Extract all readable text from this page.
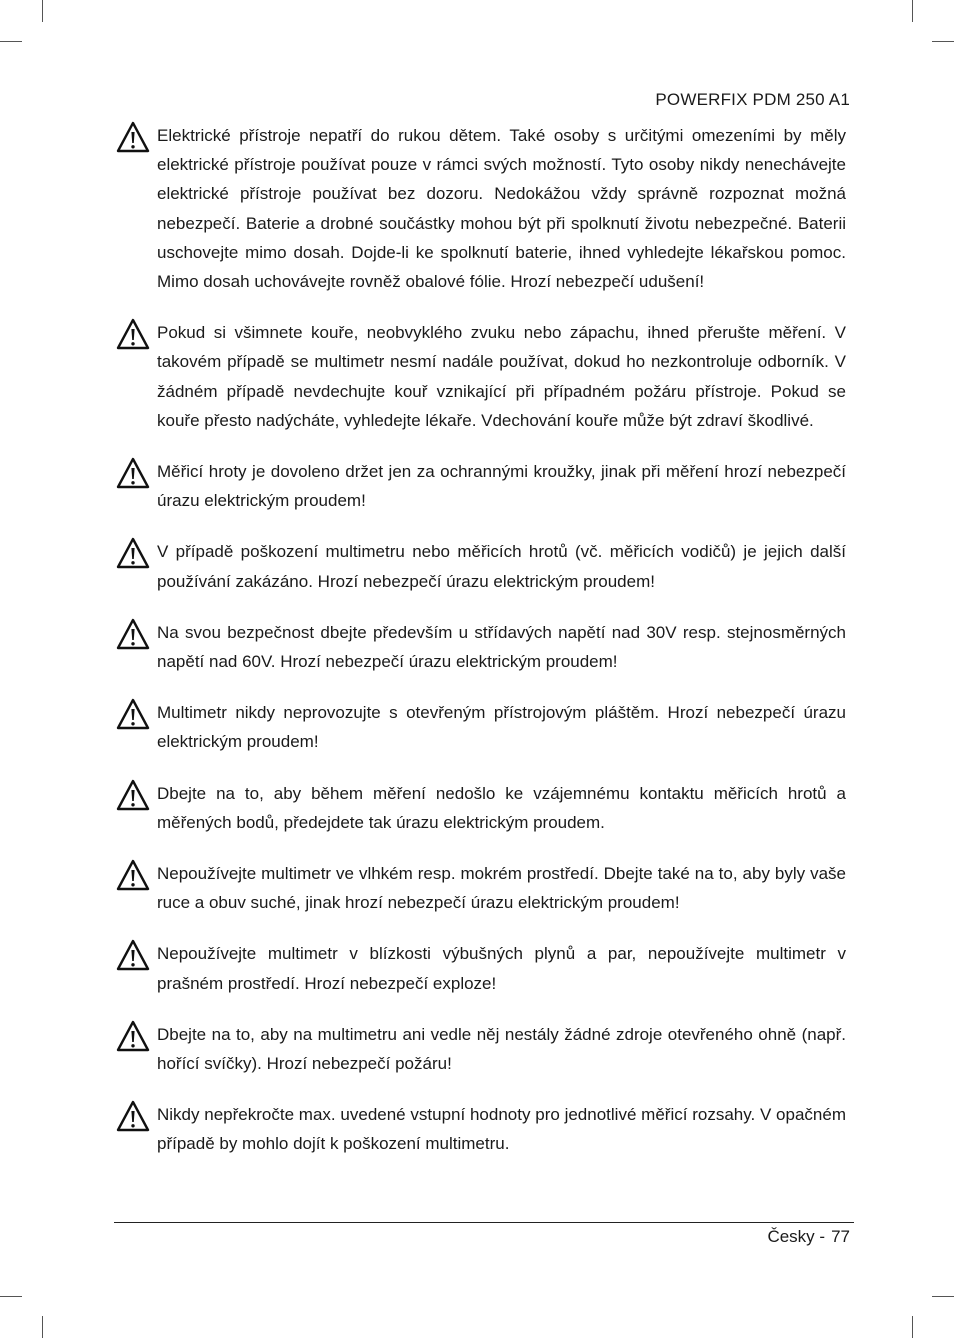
POWERFIX PDM 250 A1

Elektrické přístroje nepatří do rukou dětem. Také osoby s určitými omezeními by měly elektrické přístroje používat pouze v rámci svých možností. Tyto osoby nikdy nenechávejte elektrické přístroje používat bez dozoru. Nedokážou vždy správně rozpoznat možná nebezpečí. Baterie a drobné součástky mohou být při spolknutí životu nebezpečné. Baterii uschovejte mimo dosah. Dojde-li ke spolknutí baterie, ihned vyhledejte lékařskou pomoc. Mimo dosah uchovávejte rovněž obalové fólie. Hrozí nebezpečí udušení!

Pokud si všimnete kouře, neobvyklého zvuku nebo zápachu, ihned přerušte měření. V takovém případě se multimetr nesmí nadále používat, dokud ho nezkontroluje odborník. V žádném případě nevdechujte kouř vznikající při případném požáru přístroje. Pokud se kouře přesto nadýcháte, vyhledejte lékaře. Vdechování kouře může být zdraví škodlivé.

Měřicí hroty je dovoleno držet jen za ochrannými kroužky, jinak při měření hrozí nebezpečí úrazu elektrickým proudem!

V případě poškození multimetru nebo měřicích hrotů (vč. měřicích vodičů) je jejich další používání zakázáno. Hrozí nebezpečí úrazu elektrickým proudem!

Na svou bezpečnost dbejte především u střídavých napětí nad 30V resp. stejnosměrných napětí nad 60V. Hrozí nebezpečí úrazu elektrickým proudem!

Multimetr nikdy neprovozujte s otevřeným přístrojovým pláštěm. Hrozí nebezpečí úrazu elektrickým proudem!

Dbejte na to, aby během měření nedošlo ke vzájemnému kontaktu měřicích hrotů a měřených bodů, předejdete tak úrazu elektrickým proudem.

Nepoužívejte multimetr ve vlhkém resp. mokrém prostředí. Dbejte také na to, aby byly vaše ruce a obuv suché, jinak hrozí nebezpečí úrazu elektrickým proudem!

Nepoužívejte multimetr v blízkosti výbušných plynů a par, nepoužívejte multimetr v prašném prostředí. Hrozí nebezpečí exploze!

Dbejte na to, aby na multimetru ani vedle něj nestály žádné zdroje otevřeného ohně (např. hořící svíčky). Hrozí nebezpečí požáru!

Nikdy nepřekročte max. uvedené vstupní hodnoty pro jednotlivé měřicí rozsahy. V opačném případě by mohlo dojít k poškození multimetru.

Česky - 77
